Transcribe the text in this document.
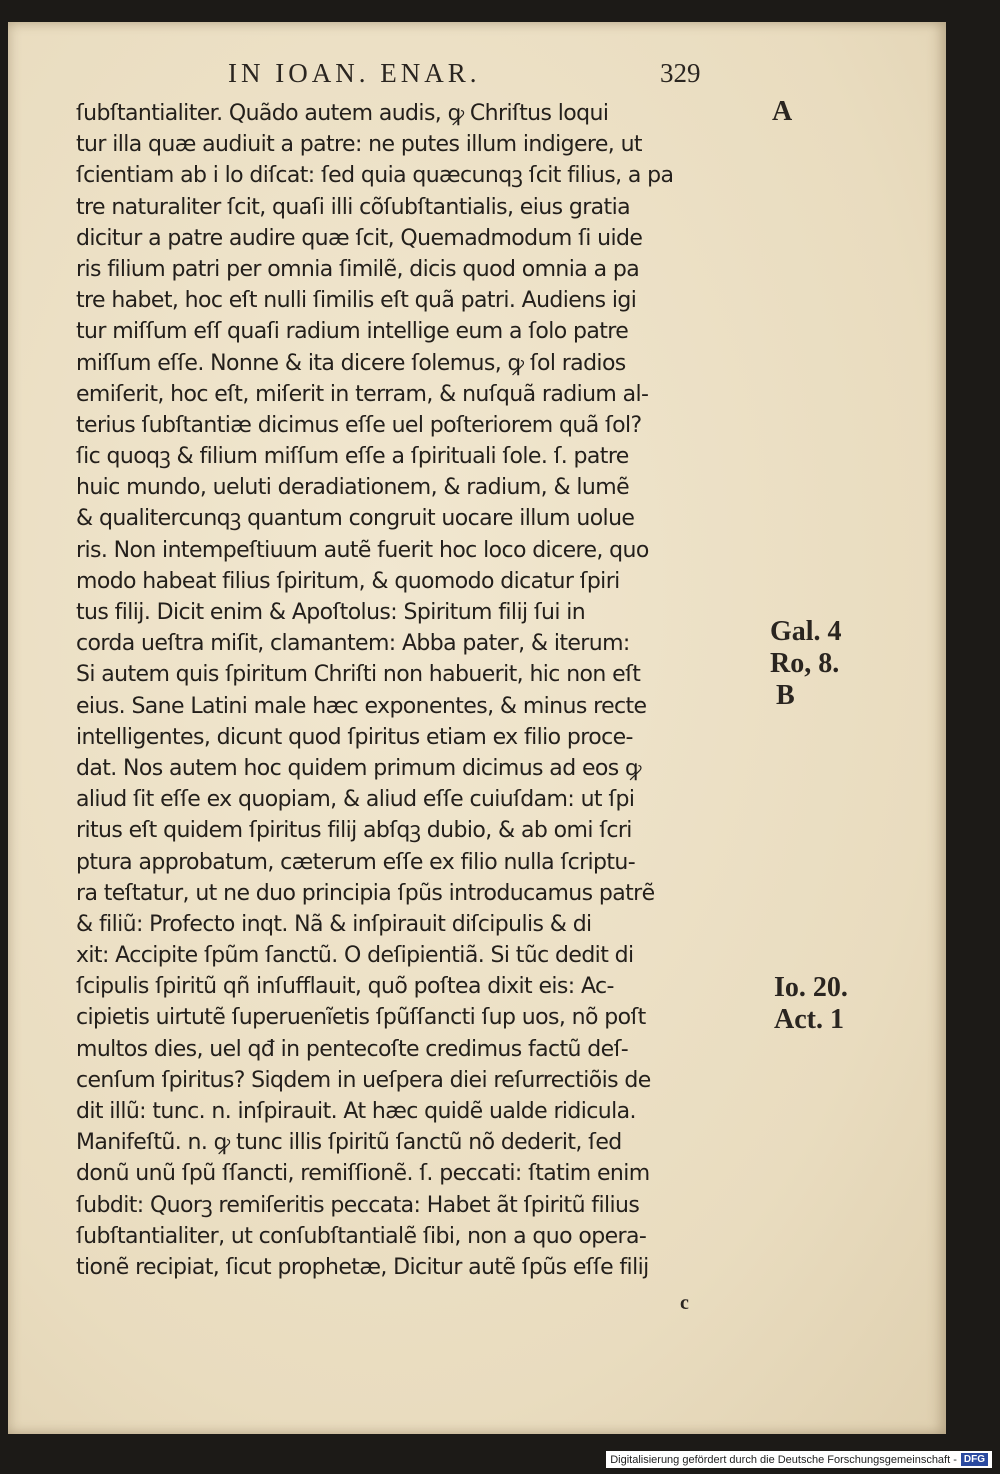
IN IOAN. ENAR.	329
ſubſtantialiter. Quãdo autem audis, ꝙ Chriſtus loqui
tur illa quæ audiuit a patre: ne putes illum indigere, ut
ſcientiam ab i lo diſcat: ſed quia quæcunqꝫ ſcit filius, a pa
tre naturaliter ſcit, quaſi illi cõſubſtantialis, eius gratia
dicitur a patre audire quæ ſcit, Quemadmodum ſi uide
ris filium patri per omnia ſimilẽ, dicis quod omnia a pa
tre habet, hoc eſt nulli ſimilis eſt quã patri. Audiens igi
tur miſſum eſſ quaſi radium intellige eum a ſolo patre
miſſum eſſe. Nonne & ita dicere ſolemus, ꝙ ſol radios
emiſerit, hoc eſt, miſerit in terram, & nuſquã radium al-
terius ſubſtantiæ dicimus eſſe uel poſteriorem quã ſol?
ſic quoqꝫ & filium miſſum eſſe a ſpirituali ſole. ſ. patre
huic mundo, ueluti deradiationem, & radium, & lumẽ
& qualitercunqꝫ quantum congruit uocare illum uolue
ris. Non intempeſtiuum autẽ fuerit hoc loco dicere, quo
modo habeat filius ſpiritum, & quomodo dicatur ſpiri
tus filij. Dicit enim & Apoſtolus: Spiritum filij ſui in
corda ueſtra miſit, clamantem: Abba pater, & iterum:
Si autem quis ſpiritum Chriſti non habuerit, hic non eſt
eius. Sane Latini male hæc exponentes, & minus recte
intelligentes, dicunt quod ſpiritus etiam ex filio proce-
dat. Nos autem hoc quidem primum dicimus ad eos ꝙ
aliud ſit eſſe ex quopiam, & aliud eſſe cuiuſdam: ut ſpi
ritus eſt quidem ſpiritus filij abſqꝫ dubio, & ab omi ſcri
ptura approbatum, cæterum eſſe ex filio nulla ſcriptu-
ra teſtatur, ut ne duo principia ſpũs introducamus patrẽ
& filiũ: Profecto inqt. Nã & inſpirauit diſcipulis & di
xit: Accipite ſpũm ſanctũ. O deſipientiã. Si tũc dedit di
ſcipulis ſpiritũ qñ inſufflauit, quõ poſtea dixit eis: Ac-
cipietis uirtutẽ ſuperuenĩetis ſpũſſancti ſup uos, nõ poſt
multos dies, uel qđ in pentecoſte credimus factũ deſ-
cenſum ſpiritus? Siqdem in ueſpera diei reſurrectiõis de
dit illũ: tunc. n. inſpirauit. At hæc quidẽ ualde ridicula.
Manifeſtũ. n. ꝙ tunc illis ſpiritũ ſanctũ nõ dederit, ſed
donũ unũ ſpũ ſſancti, remiſſionẽ. ſ. peccati: ſtatim enim
ſubdit: Quorꝫ remiſeritis peccata: Habet ãt ſpiritũ filius
ſubſtantialiter, ut conſubſtantialẽ ſibi, non a quo opera-
tionẽ recipiat, ſicut prophetæ, Dicitur autẽ ſpũs eſſe filij
A
Gal. 4
Ro, 8.
B
Io. 20.
Act. 1
c
Digitalisierung gefördert durch die Deutsche Forschungsgemeinschaft - DFG
